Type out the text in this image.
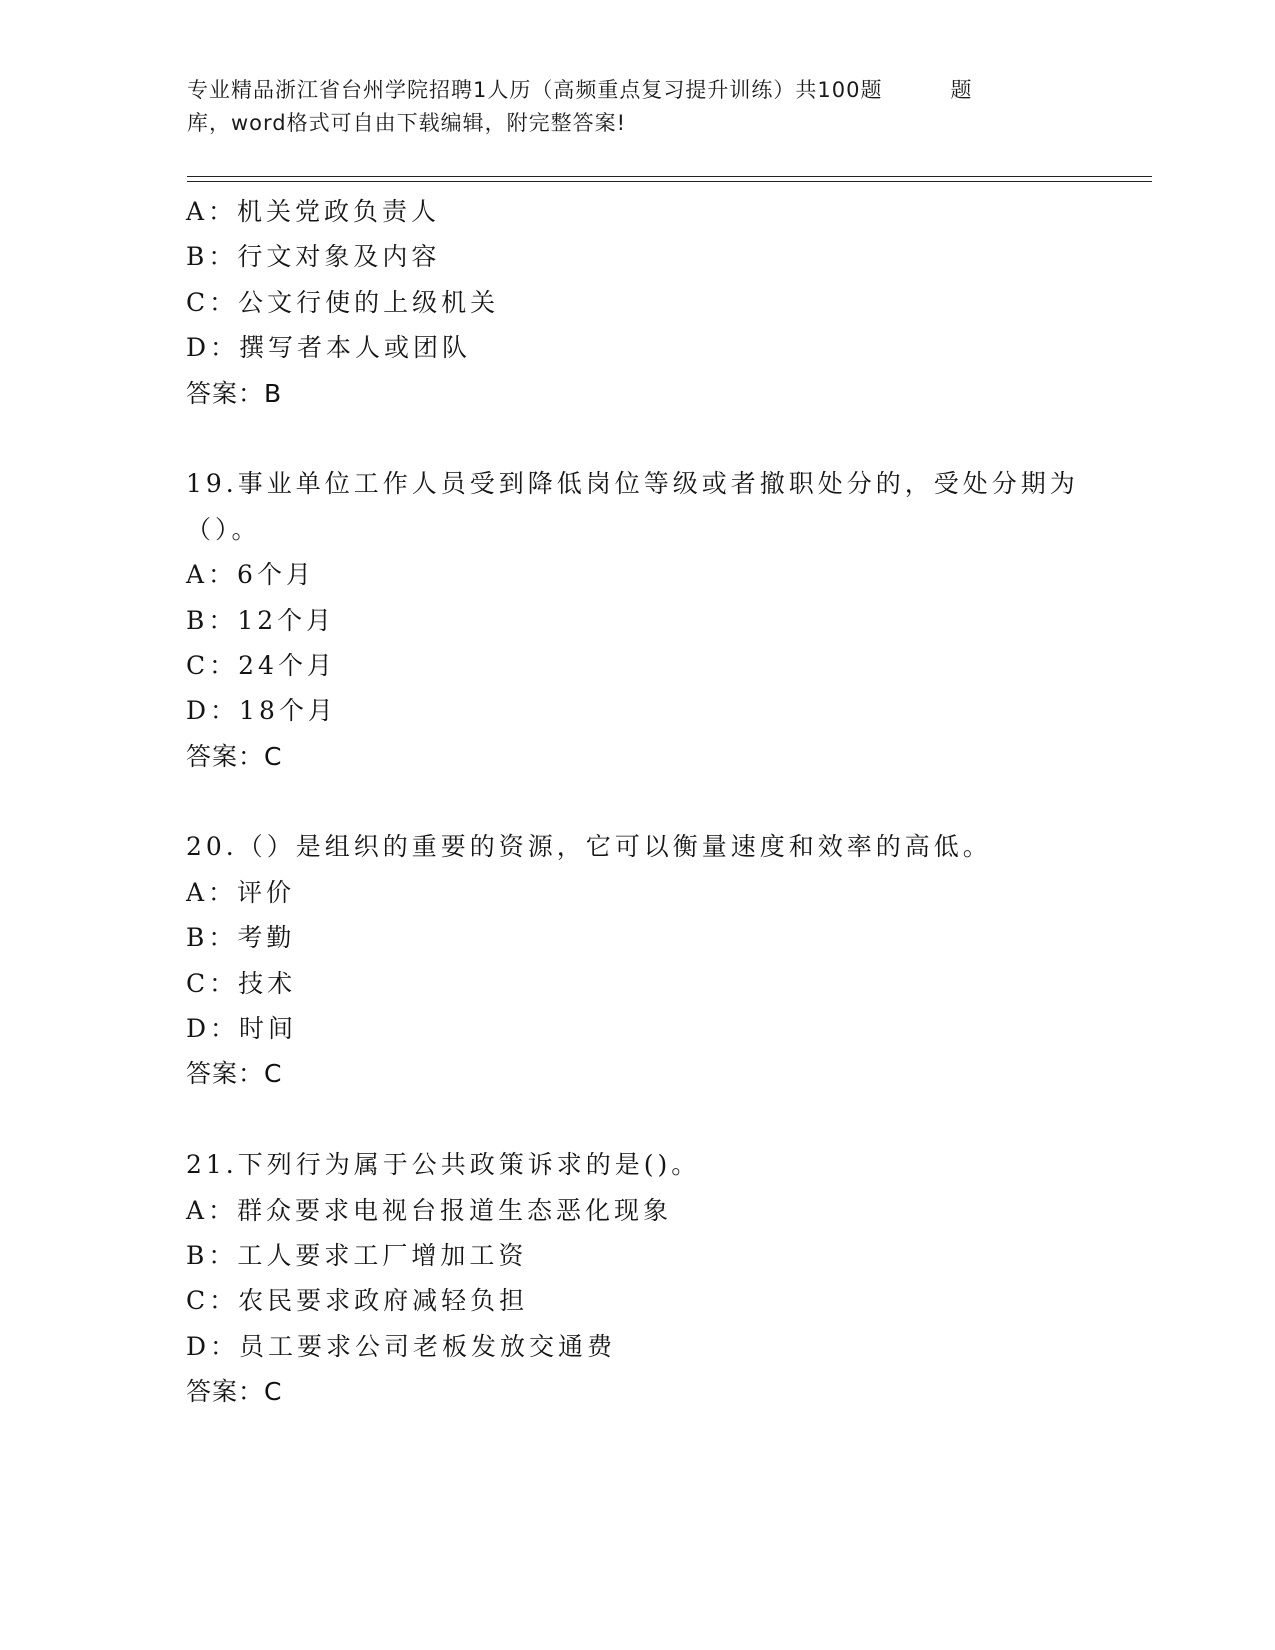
专业精品浙江省台州学院招聘1人历（高频重点复习提升训练）共100题	题
库，word格式可自由下载编辑，附完整答案!
A：机关党政负责人
B：行文对象及内容
C：公文行使的上级机关
D：撰写者本人或团队
答案：B
19.事业单位工作人员受到降低岗位等级或者撤职处分的，受处分期为
（）。
A：6个月
B：12个月
C：24个月
D：18个月
答案：C
20.（）是组织的重要的资源，它可以衡量速度和效率的高低。
A：评价
B：考勤
C：技术
D：时间
答案：C
21.下列行为属于公共政策诉求的是()。
A：群众要求电视台报道生态恶化现象
B：工人要求工厂增加工资
C：农民要求政府减轻负担
D：员工要求公司老板发放交通费
答案：C
